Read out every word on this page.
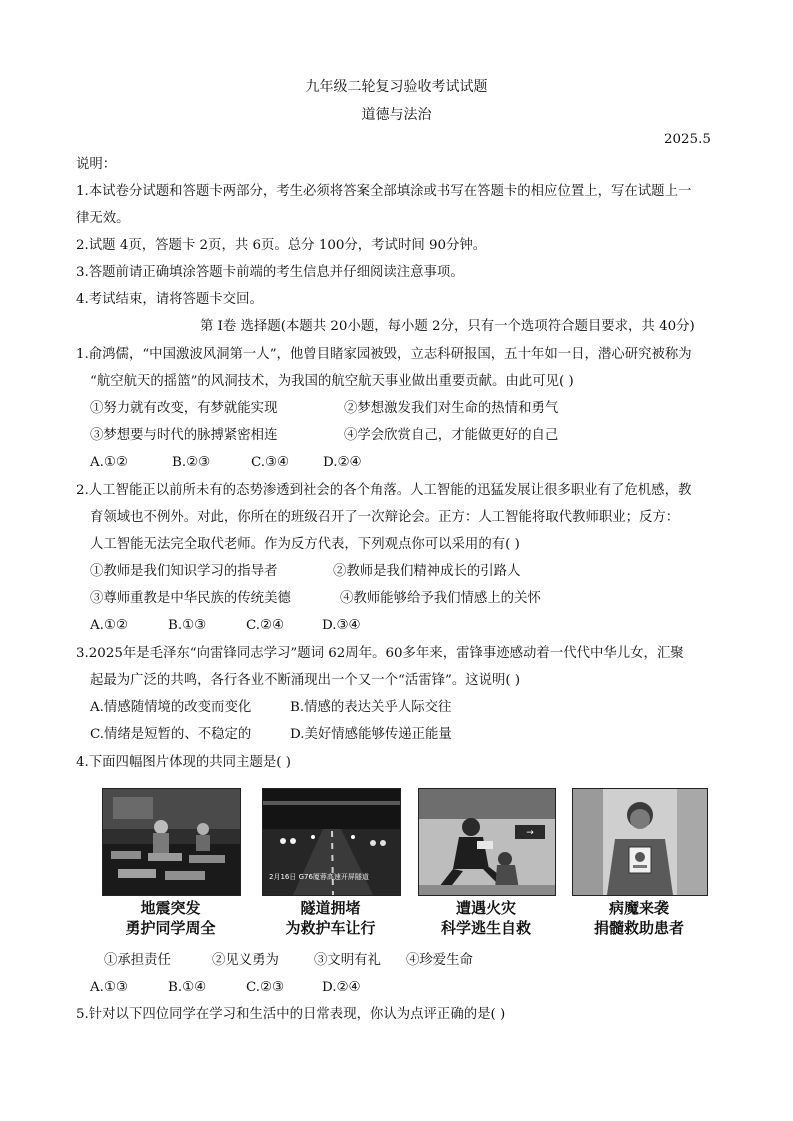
九年级二轮复习验收考试试题
道德与法治
2025.5
说明：
1.本试卷分试题和答题卡两部分，考生必须将答案全部填涂或书写在答题卡的相应位置上，写在试题上一
律无效。
2.试题 4页，答题卡 2页，共 6页。总分 100分，考试时间 90分钟。
3.答题前请正确填涂答题卡前端的考生信息并仔细阅读注意事项。
4.考试结束，请将答题卡交回。
第 I卷 选择题(本题共 20小题，每小题 2分，只有一个选项符合题目要求，共 40分)
1.俞鸿儒，“中国激波风洞第一人”，他曾目睹家园被毁，立志科研报国，五十年如一日，潜心研究被称为
“航空航天的摇篮”的风洞技术，为我国的航空航天事业做出重要贡献。由此可见( )
①努力就有改变，有梦就能实现	②梦想激发我们对生命的热情和勇气
③梦想要与时代的脉搏紧密相连	④学会欣赏自己，才能做更好的自己
A.①②	B.②③	C.③④	D.②④
2.人工智能正以前所未有的态势渗透到社会的各个角落。人工智能的迅猛发展让很多职业有了危机感，教
育领域也不例外。对此，你所在的班级召开了一次辩论会。正方：人工智能将取代教师职业；反方：
人工智能无法完全取代老师。作为反方代表，下列观点你可以采用的有( )
①教师是我们知识学习的指导者	②教师是我们精神成长的引路人
③尊师重教是中华民族的传统美德	④教师能够给予我们情感上的关怀
A.①②	B.①③	C.②④	D.③④
3.2025年是毛泽东“向雷锋同志学习”题词 62周年。60多年来，雷锋事迹感动着一代代中华儿女，汇聚
起最为广泛的共鸣，各行各业不断涌现出一个又一个“活雷锋”。这说明( )
A.情感随情境的改变而变化	B.情感的表达关乎人际交往
C.情绪是短暂的、不稳定的	D.美好情感能够传递正能量
4.下面四幅图片体现的共同主题是( )
2月16日 G76厦蓉高速开屏隧道
→
地震突发
勇护同学周全
隧道拥堵
为救护车让行
遭遇火灾
科学逃生自救
病魔来袭
捐髓救助患者
①承担责任	②见义勇为	③文明有礼 ④珍爱生命
A.①③	B.①④	C.②③	D.②④
5.针对以下四位同学在学习和生活中的日常表现，你认为点评正确的是( )
